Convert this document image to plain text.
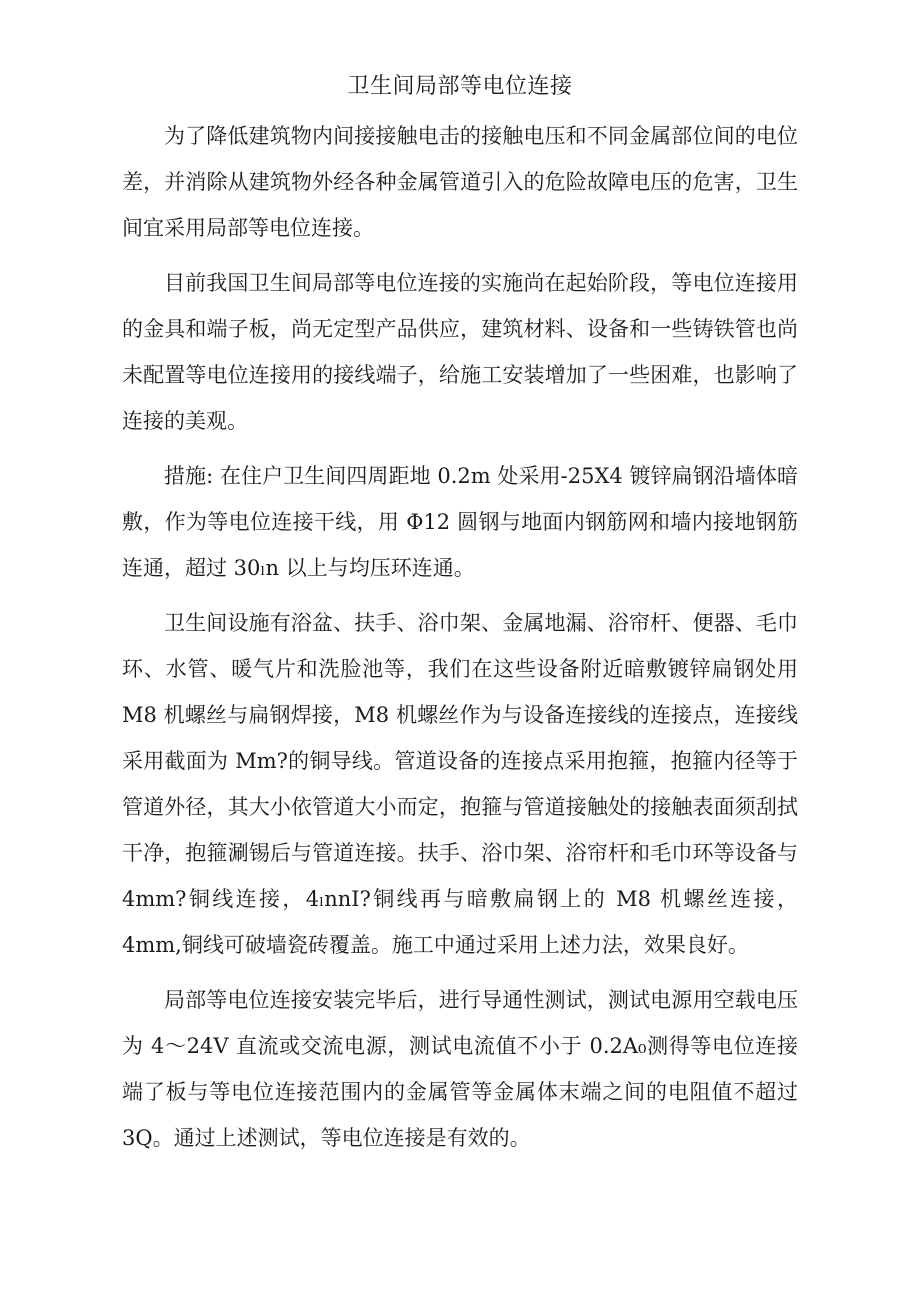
卫生间局部等电位连接

为了降低建筑物内间接接触电击的接触电压和不同金属部位间的电位差，并消除从建筑物外经各种金属管道引入的危险故障电压的危害，卫生间宜采用局部等电位连接。

目前我国卫生间局部等电位连接的实施尚在起始阶段，等电位连接用的金具和端子板，尚无定型产品供应，建筑材料、设备和一些铸铁管也尚未配置等电位连接用的接线端子，给施工安装增加了一些困难，也影响了连接的美观。

措施: 在住户卫生间四周距地 0.2m 处采用-25X4 镀锌扁钢沿墙体暗敷，作为等电位连接干线，用 Φ12 圆钢与地面内钢筋网和墙内接地钢筋连通，超过 30ₗn 以上与均压环连通。

卫生间设施有浴盆、扶手、浴巾架、金属地漏、浴帘杆、便器、毛巾环、水管、暖气片和洗脸池等，我们在这些设备附近暗敷镀锌扁钢处用 M8 机螺丝与扁钢焊接，M8 机螺丝作为与设备连接线的连接点，连接线采用截面为 Mm?的铜导线。管道设备的连接点采用抱箍，抱箍内径等于管道外径，其大小依管道大小而定，抱箍与管道接触处的接触表面须刮拭干净，抱箍涮锡后与管道连接。扶手、浴巾架、浴帘杆和毛巾环等设备与 4mm?铜线连接，4ₗnnI?铜线再与暗敷扁钢上的 M8 机螺丝连接，4mm,铜线可破墙瓷砖覆盖。施工中通过采用上述力法，效果良好。

局部等电位连接安装完毕后，进行导通性测试，测试电源用空载电压为 4～24V 直流或交流电源，测试电流值不小于 0.2A₀测得等电位连接端了板与等电位连接范围内的金属管等金属体末端之间的电阻值不超过 3Q。通过上述测试，等电位连接是有效的。
